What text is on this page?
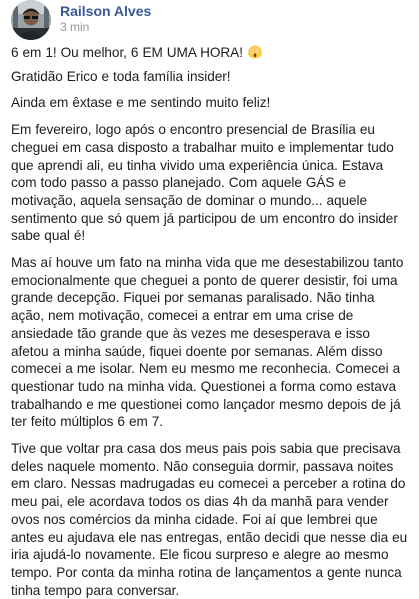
Railson Alves
3 min

6 em 1! Ou melhor, 6 EM UMA HORA!

Gratidão Erico e toda família insider!

Ainda em êxtase e me sentindo muito feliz!

Em fevereiro, logo após o encontro presencial de Brasília eu cheguei em casa disposto a trabalhar muito e implementar tudo que aprendi ali, eu tinha vivido uma experiência única. Estava com todo passo a passo planejado. Com aquele GÁS e motivação, aquela sensação de dominar o mundo... aquele sentimento que só quem já participou de um encontro do insider sabe qual é!

Mas aí houve um fato na minha vida que me desestabilizou tanto emocionalmente que cheguei a ponto de querer desistir, foi uma grande decepção. Fiquei por semanas paralisado. Não tinha ação, nem motivação, comecei a entrar em uma crise de ansiedade tão grande que às vezes me desesperava e isso afetou a minha saúde, fiquei doente por semanas. Além disso comecei a me isolar. Nem eu mesmo me reconhecia. Comecei a questionar tudo na minha vida. Questionei a forma como estava trabalhando e me questionei como lançador mesmo depois de já ter feito múltiplos 6 em 7.

Tive que voltar pra casa dos meus pais pois sabia que precisava deles naquele momento. Não conseguia dormir, passava noites em claro. Nessas madrugadas eu comecei a perceber a rotina do meu pai, ele acordava todos os dias 4h da manhã para vender ovos nos comércios da minha cidade. Foi aí que lembrei que antes eu ajudava ele nas entregas, então decidi que nesse dia eu iria ajudá-lo novamente. Ele ficou surpreso e alegre ao mesmo tempo. Por conta da minha rotina de lançamentos a gente nunca tinha tempo para conversar.
